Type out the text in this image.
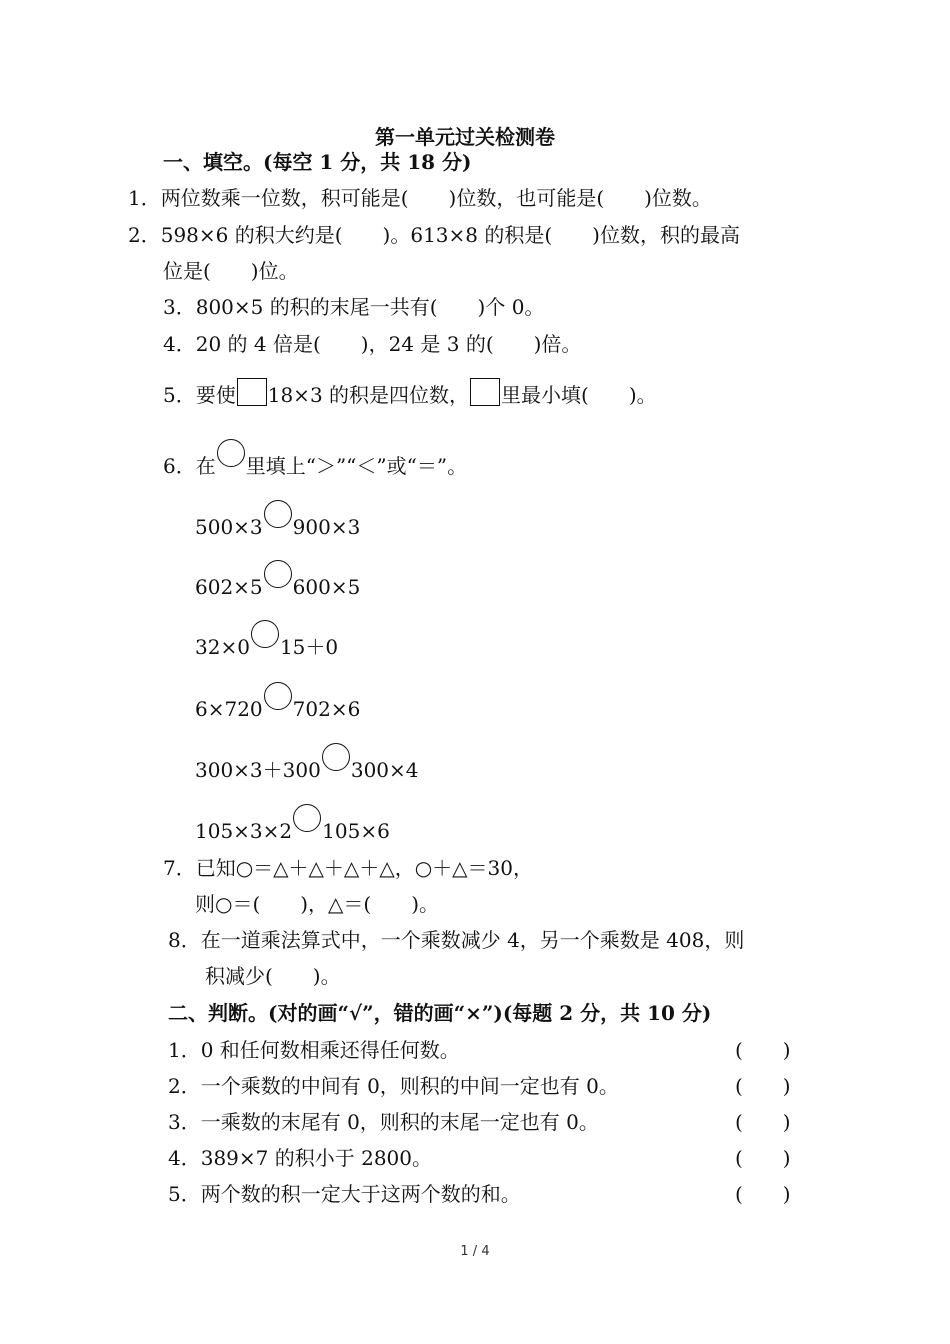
第一单元过关检测卷
一、填空。(每空 1 分，共 18 分)
1．两位数乘一位数，积可能是(　　)位数，也可能是(　　)位数。
2．598×6 的积大约是(　　)。613×8 的积是(　　)位数，积的最高
位是(　　)位。
3．800×5 的积的末尾一共有(　　)个 0。
4．20 的 4 倍是(　　)，24 是 3 的(　　)倍。
5．要使 18×3 的积是四位数， 里最小填(　　)。
6．在 里填上“＞”“＜”或“＝”。
500×3 900×3
602×5 600×5
32×0 15＋0
6×720 702×6
300×3＋300 300×4
105×3×2 105×6
7．已知○＝△＋△＋△＋△，○＋△＝30，
则○＝(　　)，△＝(　　)。
8．在一道乘法算式中，一个乘数减少 4，另一个乘数是 408，则
积减少(　　)。
二、判断。(对的画“√”，错的画“×”)(每题 2 分，共 10 分)
1．0 和任何数相乘还得任何数。	(　　)
2．一个乘数的中间有 0，则积的中间一定也有 0。	(　　)
3．一乘数的末尾有 0，则积的末尾一定也有 0。	(　　)
4．389×7 的积小于 2800。	(　　)
5．两个数的积一定大于这两个数的和。	(　　)
1 / 4
